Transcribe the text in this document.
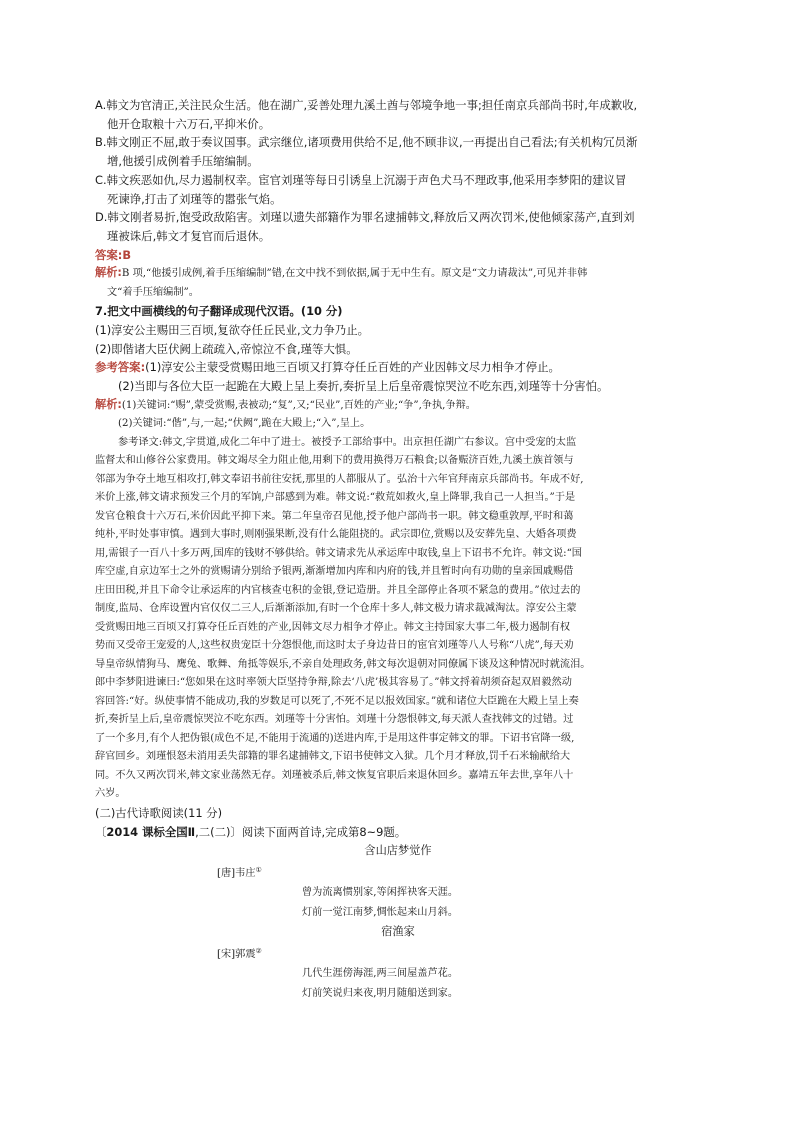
A.韩文为官清正,关注民众生活。他在湖广,妥善处理九溪土酋与邻境争地一事;担任南京兵部尚书时,年成歉收,
他开仓取粮十六万石,平抑米价。
B.韩文刚正不屈,敢于奏议国事。武宗继位,诸项费用供给不足,他不顾非议,一再提出自己看法;有关机构冗员渐
增,他援引成例着手压缩编制。
C.韩文疾恶如仇,尽力遏制权幸。宦官刘瑾等每日引诱皇上沉溺于声色犬马不理政事,他采用李梦阳的建议冒
死谏诤,打击了刘瑾等的嚣张气焰。
D.韩文刚者易折,饱受政敌陷害。刘瑾以遗失部籍作为罪名逮捕韩文,释放后又两次罚米,使他倾家荡产,直到刘
瑾被诛后,韩文才复官而后退休。
答案:B
解析:B 项,“他援引成例,着手压缩编制”错,在文中找不到依据,属于无中生有。原文是“文力请裁汰”,可见并非韩
文“着手压缩编制”。
7.把文中画横线的句子翻译成现代汉语。(10 分)
(1)淳安公主赐田三百顷,复欲夺任丘民业,文力争乃止。
(2)即偕诸大臣伏阙上疏疏入,帝惊泣不食,瑾等大惧。
参考答案:(1)淳安公主蒙受赏赐田地三百顷又打算夺任丘百姓的产业因韩文尽力相争才停止。
(2)当即与各位大臣一起跪在大殿上呈上奏折,奏折呈上后皇帝震惊哭泣不吃东西,刘瑾等十分害怕。
解析:(1)关键词:“赐”,蒙受赏赐,表被动;“复”,又;“民业”,百姓的产业;“争”,争执,争辩。
(2)关键词:“偕”,与,一起;“伏阙”,跪在大殿上;“入”,呈上。
参考译文:韩文,字贯道,成化二年中了进士。被授予工部给事中。出京担任湖广右参议。宫中受宠的太监
监督太和山修谷公家费用。韩文竭尽全力阻止他,用剩下的费用换得万石粮食;以备赈济百姓,九溪土族首领与
邻部为争夺土地互相攻打,韩文奉诏书前往安抚,那里的人都服从了。弘治十六年官拜南京兵部尚书。年成不好,
米价上涨,韩文请求预发三个月的军饷,户部感到为难。韩文说:“救荒如救火,皇上降罪,我自己一人担当。”于是
发官仓粮食十六万石,米价因此平抑下来。第二年皇帝召见他,授予他户部尚书一职。韩文稳重敦厚,平时和蔼
纯朴,平时处事审慎。遇到大事时,则刚强果断,没有什么能阻挠的。武宗即位,赏赐以及安葬先皇、大婚各项费
用,需银子一百八十多万两,国库的钱财不够供给。韩文请求先从承运库中取钱,皇上下诏书不允许。韩文说:“国
库空虚,自京边军士之外的赏赐请分别给予银两,渐渐增加内库和内府的钱,并且暂时向有功勋的皇亲国戚赐借
庄田田税,并且下命令让承运库的内官核查屯积的金银,登记造册。并且全部停止各项不紧急的费用。”依过去的
制度,监局、仓库设置内官仅仅二三人,后渐渐添加,有时一个仓库十多人,韩文极力请求裁减淘汰。淳安公主蒙
受赏赐田地三百顷又打算夺任丘百姓的产业,因韩文尽力相争才停止。韩文主持国家大事二年,极力遏制有权
势而又受帝王宠爱的人,这些权贵宠臣十分怨恨他,而这时太子身边昔日的宦官刘瑾等八人号称“八虎”,每天劝
导皇帝纵情狗马、鹰兔、歌舞、角抵等娱乐,不亲自处理政务,韩文每次退朝对同僚属下谈及这种情况时就流泪。
郎中李梦阳进谏曰:“您如果在这时率领大臣坚持争辩,除去‘八虎’极其容易了。”韩文捋着胡须奋起双眉毅然动
容回答:“好。纵使事情不能成功,我的岁数足可以死了,不死不足以报效国家。”就和诸位大臣跪在大殿上呈上奏
折,奏折呈上后,皇帝震惊哭泣不吃东西。刘瑾等十分害怕。刘瑾十分怨恨韩文,每天派人查找韩文的过错。过
了一个多月,有个人把伪银(成色不足,不能用于流通的)送进内库,于是用这件事定韩文的罪。下诏书官降一级,
辞官回乡。刘瑾恨怒未消用丢失部籍的罪名逮捕韩文,下诏书使韩文入狱。几个月才释放,罚千石米输献给大
同。不久又两次罚米,韩文家业荡然无存。刘瑾被杀后,韩文恢复官职后来退休回乡。嘉靖五年去世,享年八十
六岁。
(二)古代诗歌阅读(11 分)
〔2014 课标全国Ⅱ,二(二)〕阅读下面两首诗,完成第8~9题。
含山店梦觉作
[唐]韦庄①
曾为流离惯别家,等闲挥袂客天涯。
灯前一觉江南梦,惆怅起来山月斜。
宿渔家
[宋]郭震②
几代生涯傍海涯,两三间屋盖芦花。
灯前笑说归来夜,明月随船送到家。
